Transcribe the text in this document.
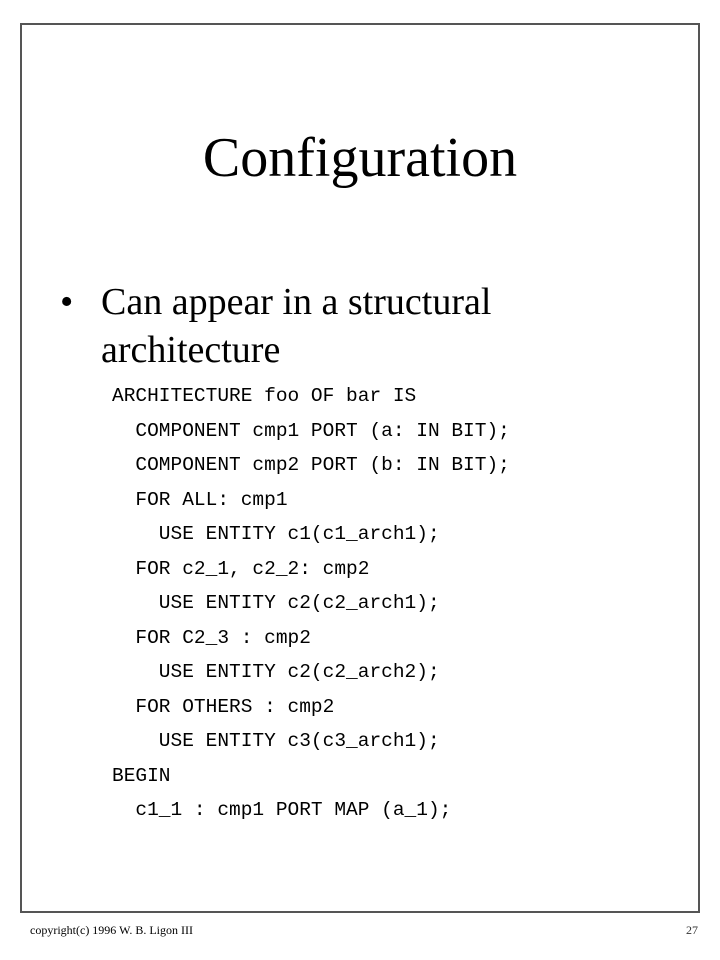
Configuration
• Can appear in a structural architecture
ARCHITECTURE foo OF bar IS
COMPONENT cmp1 PORT (a: IN BIT);
COMPONENT cmp2 PORT (b: IN BIT);
FOR ALL: cmp1
USE ENTITY c1(c1_arch1);
FOR c2_1, c2_2: cmp2
USE ENTITY c2(c2_arch1);
FOR C2_3 : cmp2
USE ENTITY c2(c2_arch2);
FOR OTHERS : cmp2
USE ENTITY c3(c3_arch1);
BEGIN
c1_1 : cmp1 PORT MAP (a_1);
copyright(c) 1996 W. B. Ligon III	27
